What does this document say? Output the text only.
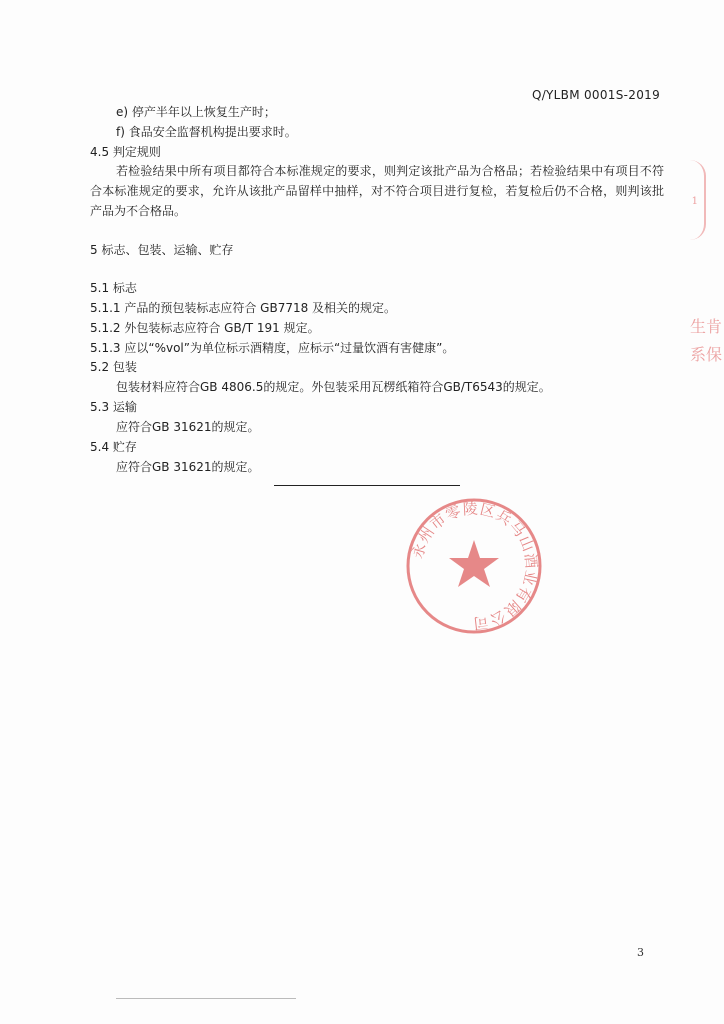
Q/YLBM 0001S-2019
e) 停产半年以上恢复生产时；
f) 食品安全监督机构提出要求时。
4.5 判定规则
若检验结果中所有项目都符合本标准规定的要求，则判定该批产品为合格品；若检验结果中有项目不符合本标准规定的要求，允许从该批产品留样中抽样，对不符合项目进行复检，若复检后仍不合格，则判该批产品为不合格品。
5 标志、包装、运输、贮存
5.1 标志
5.1.1 产品的预包装标志应符合 GB7718 及相关的规定。
5.1.2 外包装标志应符合 GB/T 191 规定。
5.1.3 应以“%vol”为单位标示酒精度，应标示“过量饮酒有害健康”。
5.2 包装
包装材料应符合GB 4806.5的规定。外包装采用瓦楞纸箱符合GB/T6543的规定。
5.3 运输
应符合GB 31621的规定。
5.4 贮存
应符合GB 31621的规定。
永州市零陵区兵马山酒业有限公司
1
生肯
系保
3
